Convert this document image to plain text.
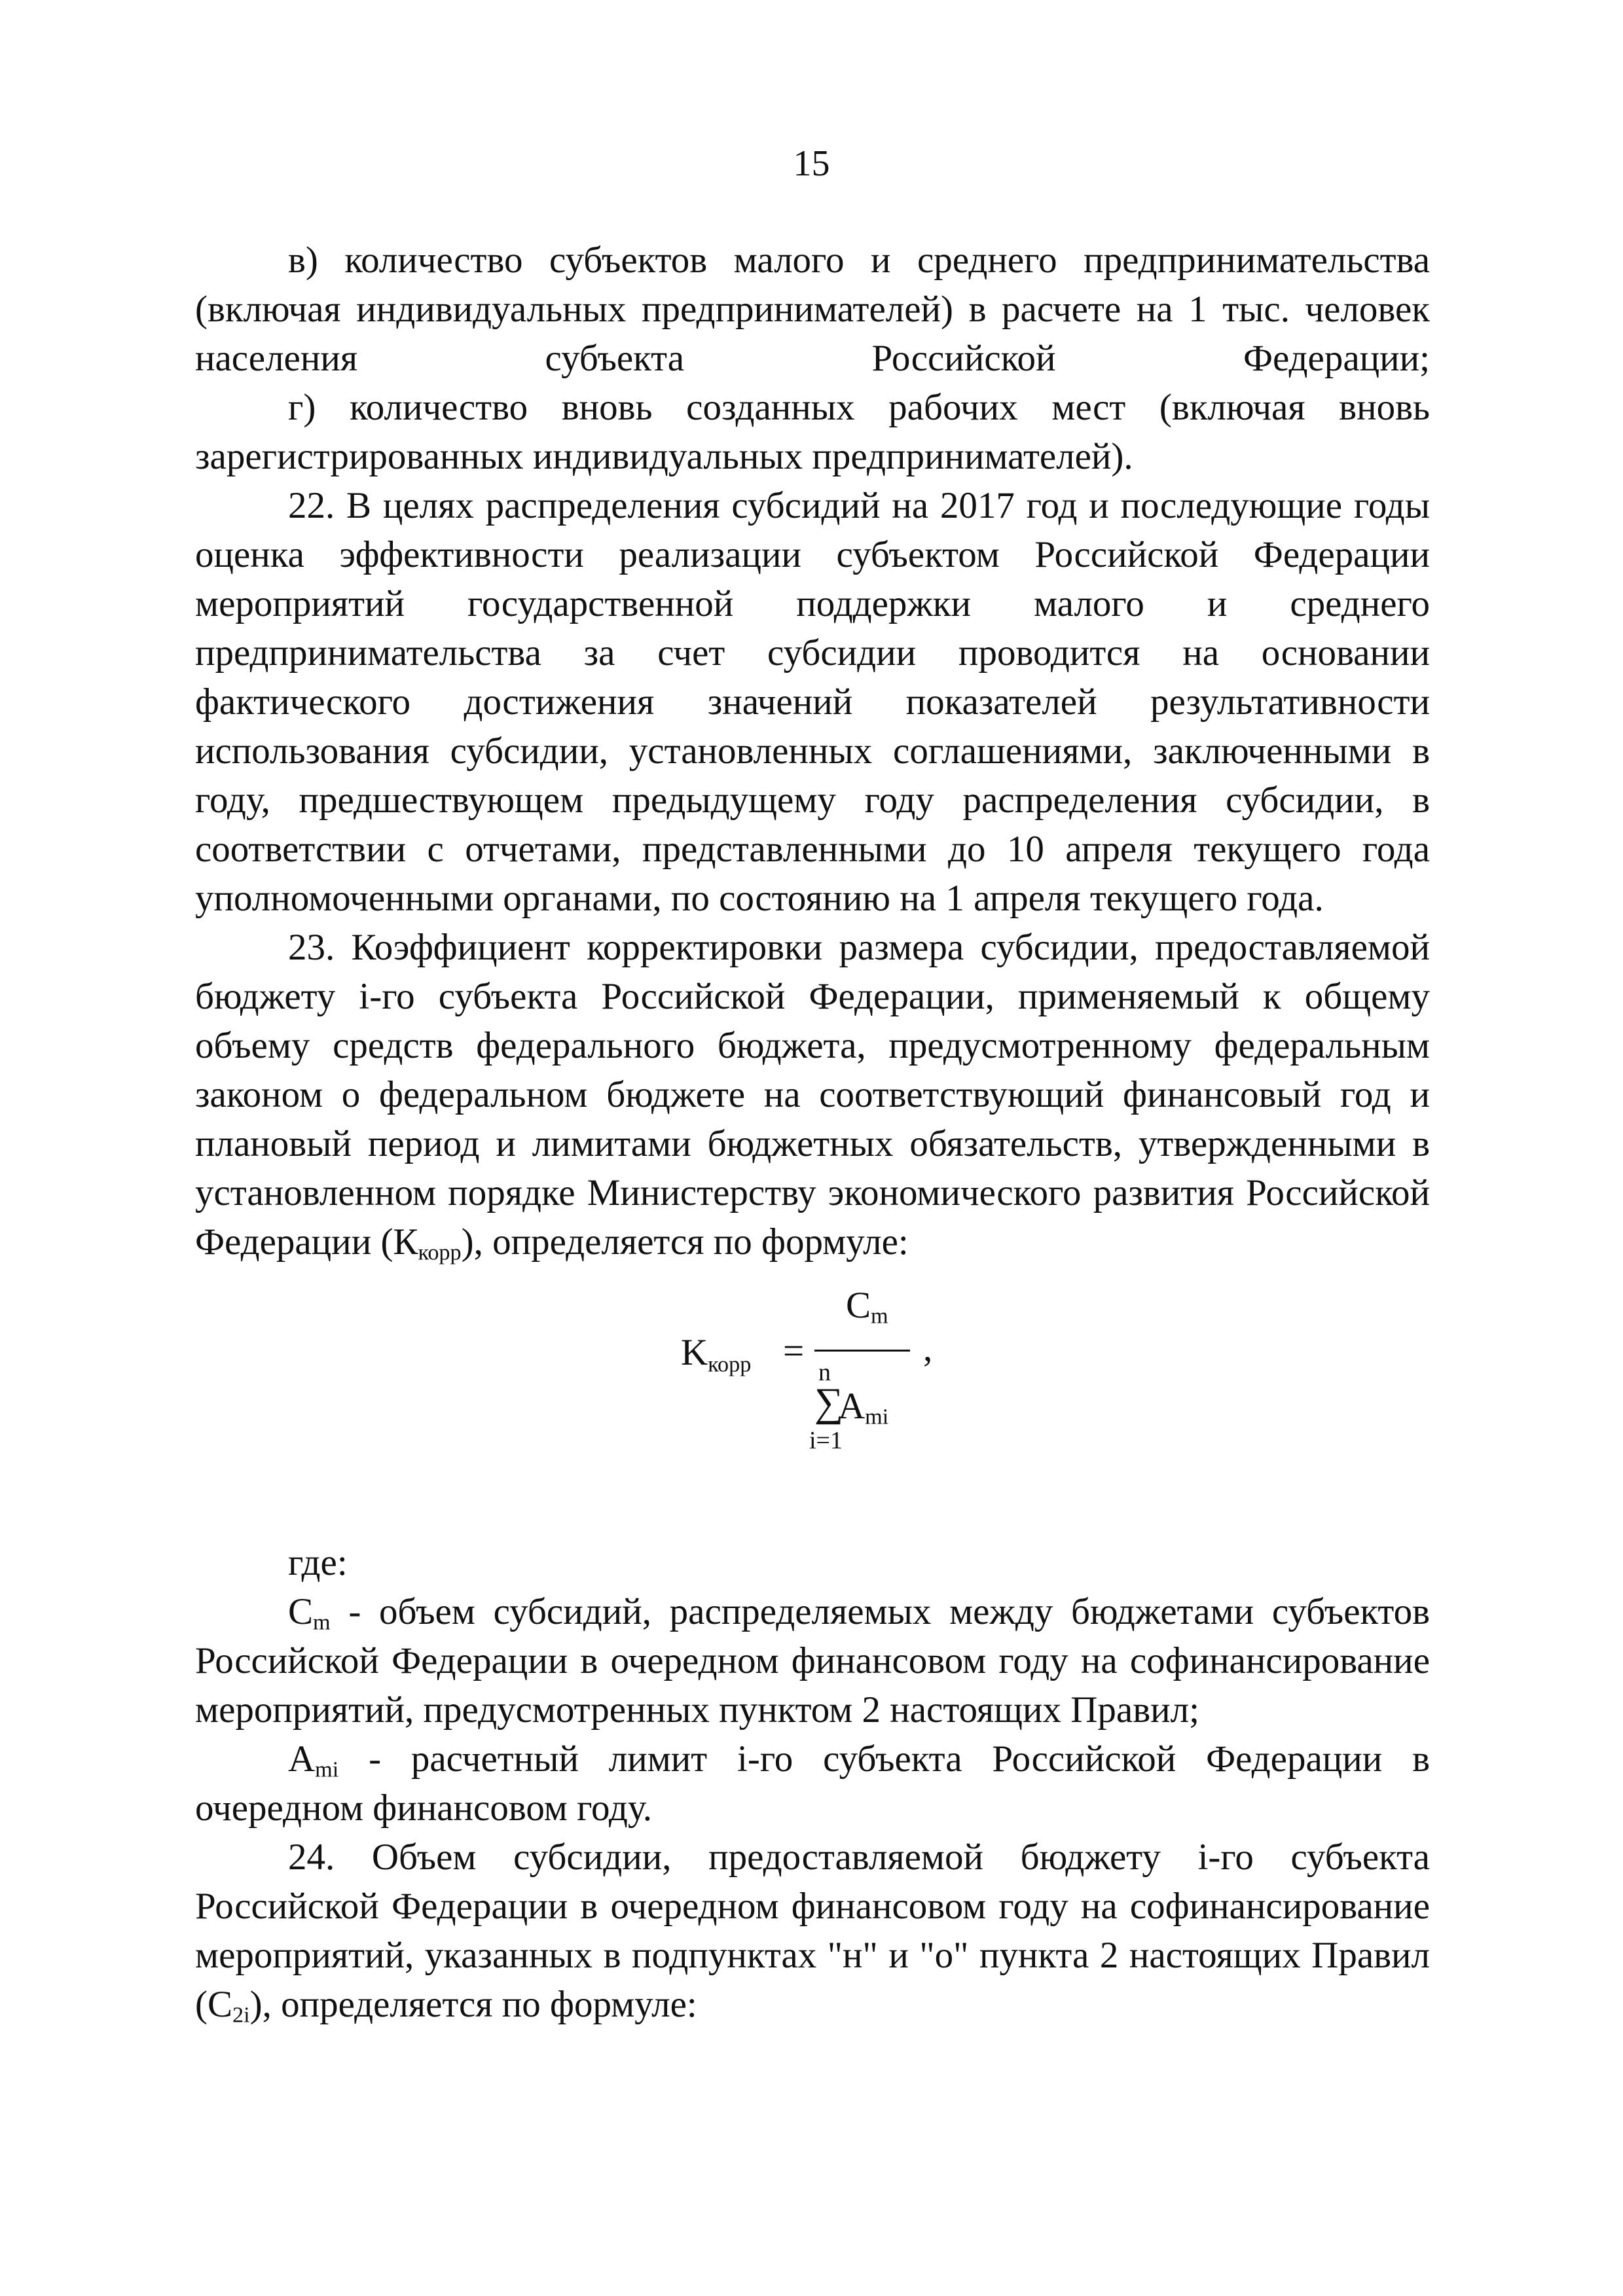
15

в) количество субъектов малого и среднего предпринимательства (включая индивидуальных предпринимателей) в расчете на 1 тыс. человек населения субъекта Российской Федерации;

г) количество вновь созданных рабочих мест (включая вновь зарегистрированных индивидуальных предпринимателей).

22. В целях распределения субсидий на 2017 год и последующие годы оценка эффективности реализации субъектом Российской Федерации мероприятий государственной поддержки малого и среднего предпринимательства за счет субсидии проводится на основании фактического достижения значений показателей результативности использования субсидии, установленных соглашениями, заключенными в году, предшествующем предыдущему году распределения субсидии, в соответствии с отчетами, представленными до 10 апреля текущего года уполномоченными органами, по состоянию на 1 апреля текущего года.

23. Коэффициент корректировки размера субсидии, предоставляемой бюджету i-го субъекта Российской Федерации, применяемый к общему объему средств федерального бюджета, предусмотренному федеральным законом о федеральном бюджете на соответствующий финансовый год и плановый период и лимитами бюджетных обязательств, утвержденными в установленном порядке Министерству экономического развития Российской Федерации $(К_{корр})$, определяется по формуле:

$K_{корр}$ =
$C_m$
,
n
∑
$A_{mi}$
i=1

где:

$C_m$ - объем субсидий, распределяемых между бюджетами субъектов Российской Федерации в очередном финансовом году на софинансирование мероприятий, предусмотренных пунктом 2 настоящих Правил;

$A_{mi}$ - расчетный лимит i-го субъекта Российской Федерации в очередном финансовом году.

24. Объем субсидии, предоставляемой бюджету i-го субъекта Российской Федерации в очередном финансовом году на софинансирование мероприятий, указанных в подпунктах "н" и "о" пункта 2 настоящих Правил $(C_{2i})$, определяется по формуле:
